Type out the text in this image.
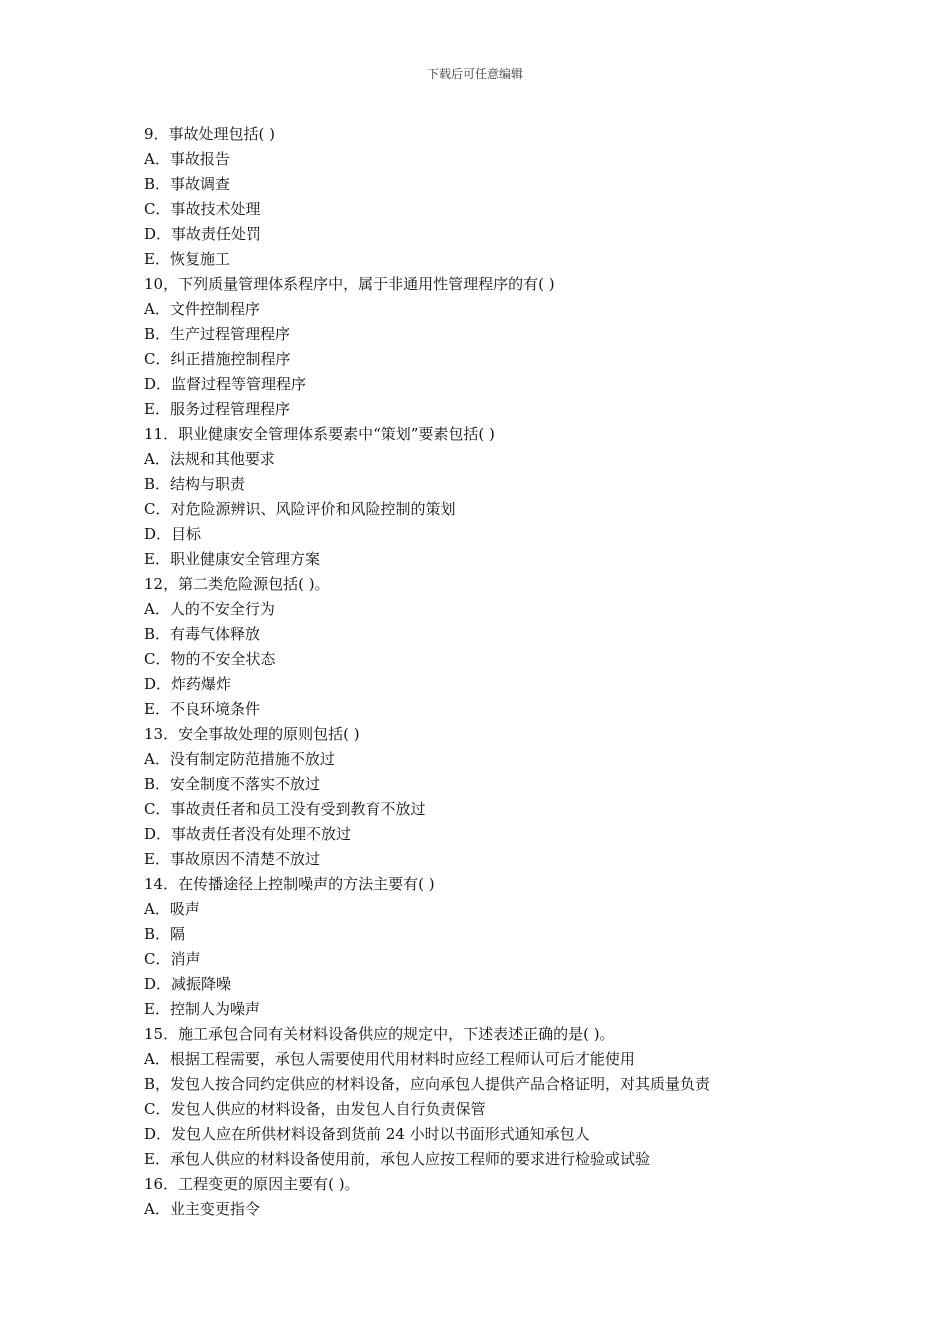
下载后可任意编辑
9．事故处理包括( )
A．事故报告
B．事故调查
C．事故技术处理
D．事故责任处罚
E．恢复施工
10，下列质量管理体系程序中，属于非通用性管理程序的有( )
A．文件控制程序
B．生产过程管理程序
C．纠正措施控制程序
D．监督过程等管理程序
E．服务过程管理程序
11．职业健康安全管理体系要素中“策划”要素包括( )
A．法规和其他要求
B．结构与职责
C．对危险源辨识、风险评价和风险控制的策划
D．目标
E．职业健康安全管理方案
12，第二类危险源包括( )。
A．人的不安全行为
B．有毒气体释放
C．物的不安全状态
D．炸药爆炸
E．不良环境条件
13．安全事故处理的原则包括( )
A．没有制定防范措施不放过
B．安全制度不落实不放过
C．事故责任者和员工没有受到教育不放过
D．事故责任者没有处理不放过
E．事故原因不清楚不放过
14．在传播途径上控制噪声的方法主要有( )
A．吸声
B．隔
C．消声
D．减振降噪
E．控制人为噪声
15．施工承包合同有关材料设备供应的规定中，下述表述正确的是( )。
A．根据工程需要，承包人需要使用代用材料时应经工程师认可后才能使用
B，发包人按合同约定供应的材料设备，应向承包人提供产品合格证明，对其质量负责
C．发包人供应的材料设备，由发包人自行负责保管
D．发包人应在所供材料设备到货前 24 小时以书面形式通知承包人
E．承包人供应的材料设备使用前，承包人应按工程师的要求进行检验或试验
16．工程变更的原因主要有( )。
A．业主变更指令
